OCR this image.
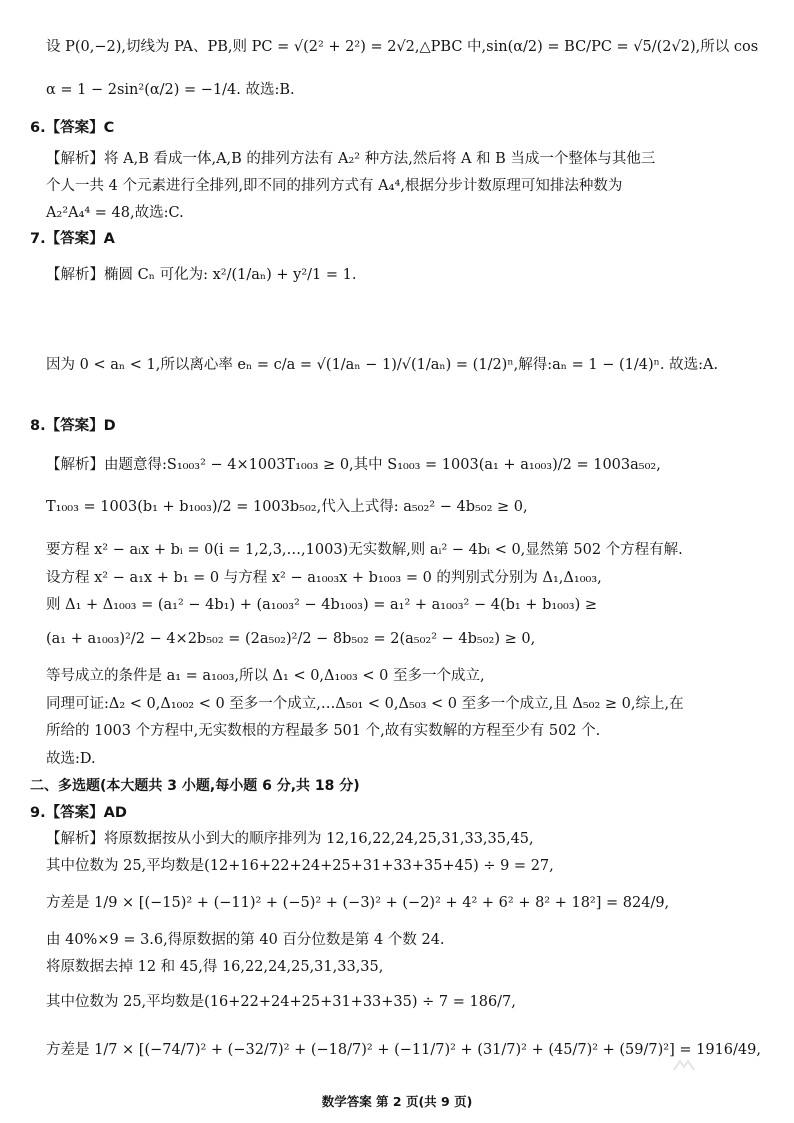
设 P(0,−2),切线为 PA、PB,则 PC = √(2² + 2²) = 2√2,△PBC 中,sin(α/2) = BC/PC = √5/(2√2),所以 cos
α = 1 − 2sin²(α/2) = −1/4. 故选:B.
6.【答案】C
【解析】将 A,B 看成一体,A,B 的排列方法有 A₂² 种方法,然后将 A 和 B 当成一个整体与其他三
个人一共 4 个元素进行全排列,即不同的排列方式有 A₄⁴,根据分步计数原理可知排法种数为
A₂²A₄⁴ = 48,故选:C.
7.【答案】A
【解析】椭圆 Cₙ 可化为: x²/(1/aₙ) + y²/1 = 1.
因为 0 < aₙ < 1,所以离心率 eₙ = c/a = √(1/aₙ − 1)/√(1/aₙ) = (1/2)ⁿ,解得:aₙ = 1 − (1/4)ⁿ. 故选:A.
8.【答案】D
【解析】由题意得:S₁₀₀₃² − 4×1003T₁₀₀₃ ≥ 0,其中 S₁₀₀₃ = 1003(a₁ + a₁₀₀₃)/2 = 1003a₅₀₂,
T₁₀₀₃ = 1003(b₁ + b₁₀₀₃)/2 = 1003b₅₀₂,代入上式得: a₅₀₂² − 4b₅₀₂ ≥ 0,
要方程 x² − aᵢx + bᵢ = 0(i = 1,2,3,…,1003)无实数解,则 aᵢ² − 4bᵢ < 0,显然第 502 个方程有解.
设方程 x² − a₁x + b₁ = 0 与方程 x² − a₁₀₀₃x + b₁₀₀₃ = 0 的判别式分别为 Δ₁,Δ₁₀₀₃,
则 Δ₁ + Δ₁₀₀₃ = (a₁² − 4b₁) + (a₁₀₀₃² − 4b₁₀₀₃) = a₁² + a₁₀₀₃² − 4(b₁ + b₁₀₀₃) ≥
(a₁ + a₁₀₀₃)²/2 − 4×2b₅₀₂ = (2a₅₀₂)²/2 − 8b₅₀₂ = 2(a₅₀₂² − 4b₅₀₂) ≥ 0,
等号成立的条件是 a₁ = a₁₀₀₃,所以 Δ₁ < 0,Δ₁₀₀₃ < 0 至多一个成立,
同理可证:Δ₂ < 0,Δ₁₀₀₂ < 0 至多一个成立,…Δ₅₀₁ < 0,Δ₅₀₃ < 0 至多一个成立,且 Δ₅₀₂ ≥ 0,综上,在
所给的 1003 个方程中,无实数根的方程最多 501 个,故有实数解的方程至少有 502 个.
故选:D.
二、多选题(本大题共 3 小题,每小题 6 分,共 18 分)
9.【答案】AD
【解析】将原数据按从小到大的顺序排列为 12,16,22,24,25,31,33,35,45,
其中位数为 25,平均数是(12+16+22+24+25+31+33+35+45) ÷ 9 = 27,
方差是 1/9 × [(−15)² + (−11)² + (−5)² + (−3)² + (−2)² + 4² + 6² + 8² + 18²] = 824/9,
由 40%×9 = 3.6,得原数据的第 40 百分位数是第 4 个数 24.
将原数据去掉 12 和 45,得 16,22,24,25,31,33,35,
其中位数为 25,平均数是(16+22+24+25+31+33+35) ÷ 7 = 186/7,
方差是 1/7 × [(−74/7)² + (−32/7)² + (−18/7)² + (−11/7)² + (31/7)² + (45/7)² + (59/7)²] = 1916/49,
数学答案 第 2 页(共 9 页)
